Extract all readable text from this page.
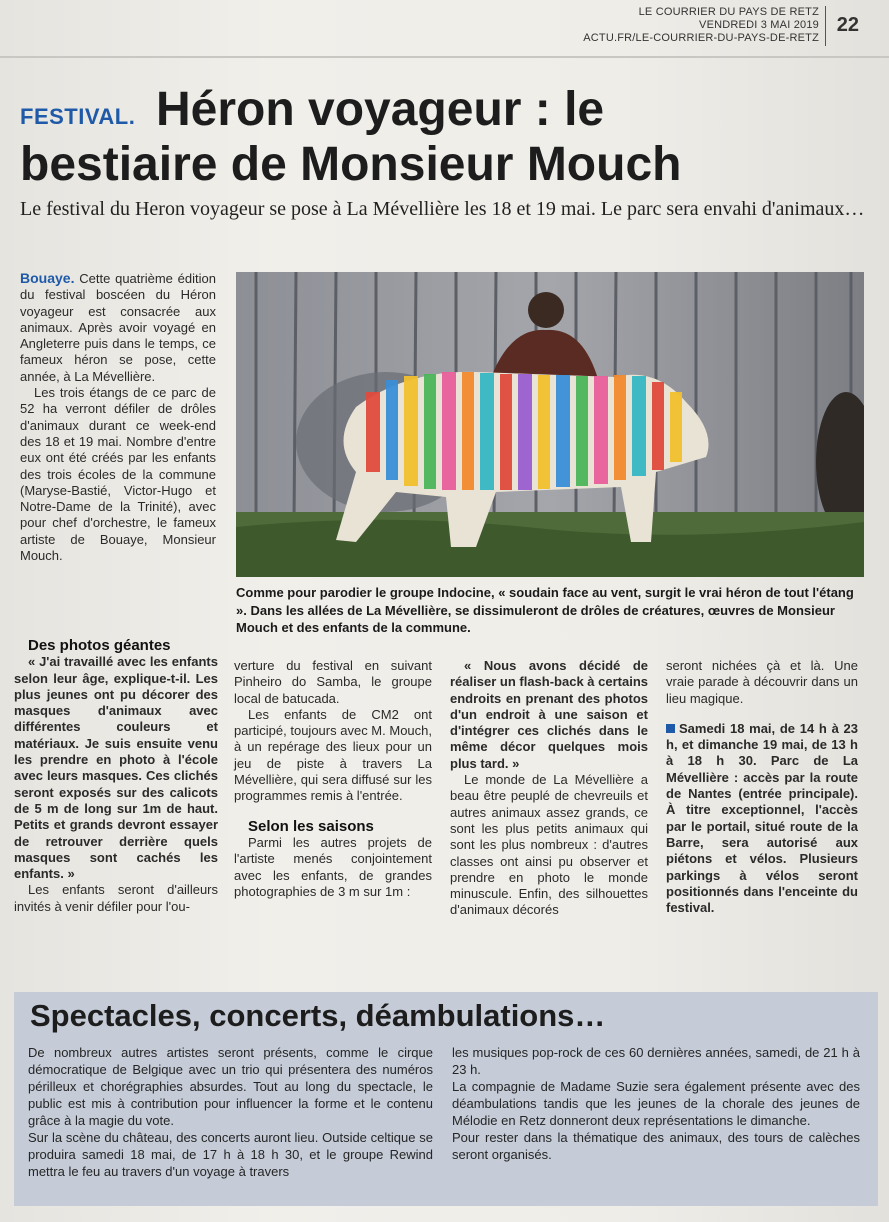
LE COURRIER DU PAYS DE RETZ
VENDREDI 3 MAI 2019
ACTU.FR/LE-COURRIER-DU-PAYS-DE-RETZ
22
FESTIVAL. Héron voyageur : le
bestiaire de Monsieur Mouch
Le festival du Heron voyageur se pose à La Mévellière les 18 et 19 mai. Le parc sera envahi d'animaux…

Bouaye. Cette quatrième édition du festival boscéen du Héron voyageur est consacrée aux animaux. Après avoir voyagé en Angleterre puis dans le temps, ce fameux héron se pose, cette année, à La Mévellière.

Les trois étangs de ce parc de 52 ha verront défiler de drôles d'animaux durant ce week-end des 18 et 19 mai. Nombre d'entre eux ont été créés par les enfants des trois écoles de la commune (Maryse-Bastié, Victor-Hugo et Notre-Dame de la Trinité), avec pour chef d'orchestre, le fameux artiste de Bouaye, Monsieur Mouch.

Des photos géantes

« J'ai travaillé avec les enfants selon leur âge, explique-t-il. Les plus jeunes ont pu décorer des masques d'animaux avec différentes couleurs et matériaux. Je suis ensuite venu les prendre en photo à l'école avec leurs masques. Ces clichés seront exposés sur des calicots de 5 m de long sur 1m de haut. Petits et grands devront essayer de retrouver derrière quels masques sont cachés les enfants. »

Les enfants seront d'ailleurs invités à venir défiler pour l'ou-

Comme pour parodier le groupe Indocine, « soudain face au vent, surgit le vrai héron de tout l'étang ». Dans les allées de La Mévellière, se dissimuleront de drôles de créatures, œuvres de Monsieur Mouch et des enfants de la commune.

verture du festival en suivant Pinheiro do Samba, le groupe local de batucada.

Les enfants de CM2 ont participé, toujours avec M. Mouch, à un repérage des lieux pour un jeu de piste à travers La Mévellière, qui sera diffusé sur les programmes remis à l'entrée.

Selon les saisons

Parmi les autres projets de l'artiste menés conjointement avec les enfants, de grandes photographies de 3 m sur 1m :

« Nous avons décidé de réaliser un flash-back à certains endroits en prenant des photos d'un endroit à une saison et d'intégrer ces clichés dans le même décor quelques mois plus tard. »

Le monde de La Mévellière a beau être peuplé de chevreuils et autres animaux assez grands, ce sont les plus petits animaux qui sont les plus nombreux : d'autres classes ont ainsi pu observer et prendre en photo le monde minuscule. Enfin, des silhouettes d'animaux décorés

seront nichées çà et là. Une vraie parade à découvrir dans un lieu magique.

Samedi 18 mai, de 14 h à 23 h, et dimanche 19 mai, de 13 h à 18 h 30. Parc de La Mévellière : accès par la route de Nantes (entrée principale). À titre exceptionnel, l'accès par le portail, situé route de la Barre, sera autorisé aux piétons et vélos. Plusieurs parkings à vélos seront positionnés dans l'enceinte du festival.

Spectacles, concerts, déambulations…
De nombreux autres artistes seront présents, comme le cirque démocratique de Belgique avec un trio qui présentera des numéros périlleux et chorégraphies absurdes. Tout au long du spectacle, le public est mis à contribution pour influencer la forme et le contenu grâce à la magie du vote.
Sur la scène du château, des concerts auront lieu. Outside celtique se produira samedi 18 mai, de 17 h à 18 h 30, et le groupe Rewind mettra le feu au travers d'un voyage à travers
les musiques pop-rock de ces 60 dernières années, samedi, de 21 h à 23 h.
La compagnie de Madame Suzie sera également présente avec des déambulations tandis que les jeunes de la chorale des jeunes de Mélodie en Retz donneront deux représentations le dimanche.
Pour rester dans la thématique des animaux, des tours de calèches seront organisés.
